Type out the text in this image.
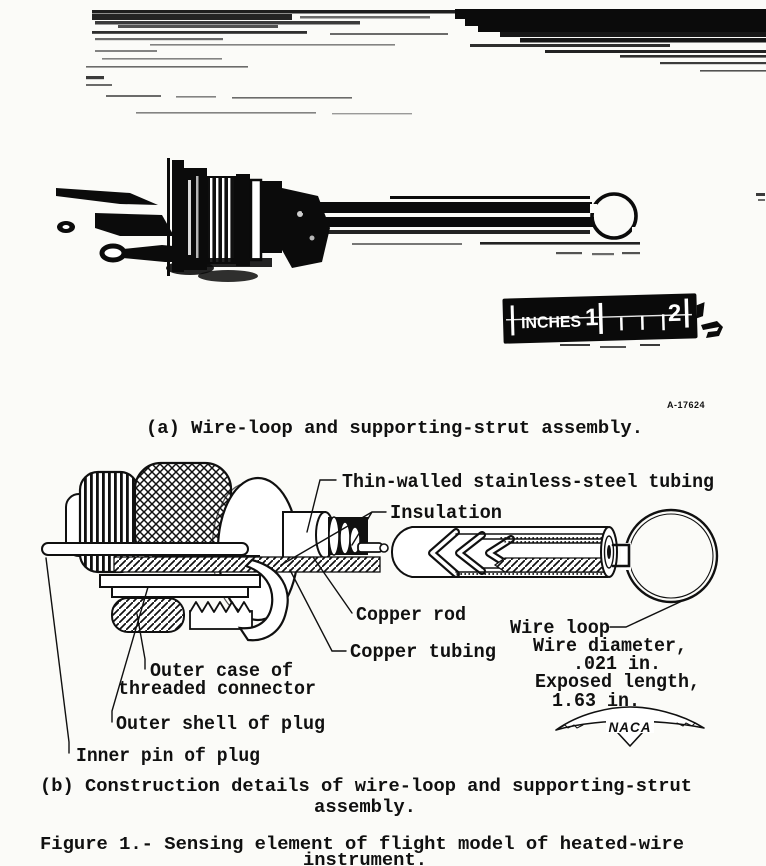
INCHES 1	2
A-17624
(a) Wire-loop and supporting-strut assembly.
NACA
Thin-walled stainless-steel tubing
Insulation
Copper rod
Copper tubing
Outer case of
threaded connector
Outer shell of plug
Inner pin of plug
Wire loop
Wire diameter,
.021 in.
Exposed length,
1.63 in.
(b) Construction details of wire-loop and supporting-strut
assembly.
Figure 1.- Sensing element of flight model of heated-wire
instrument.
